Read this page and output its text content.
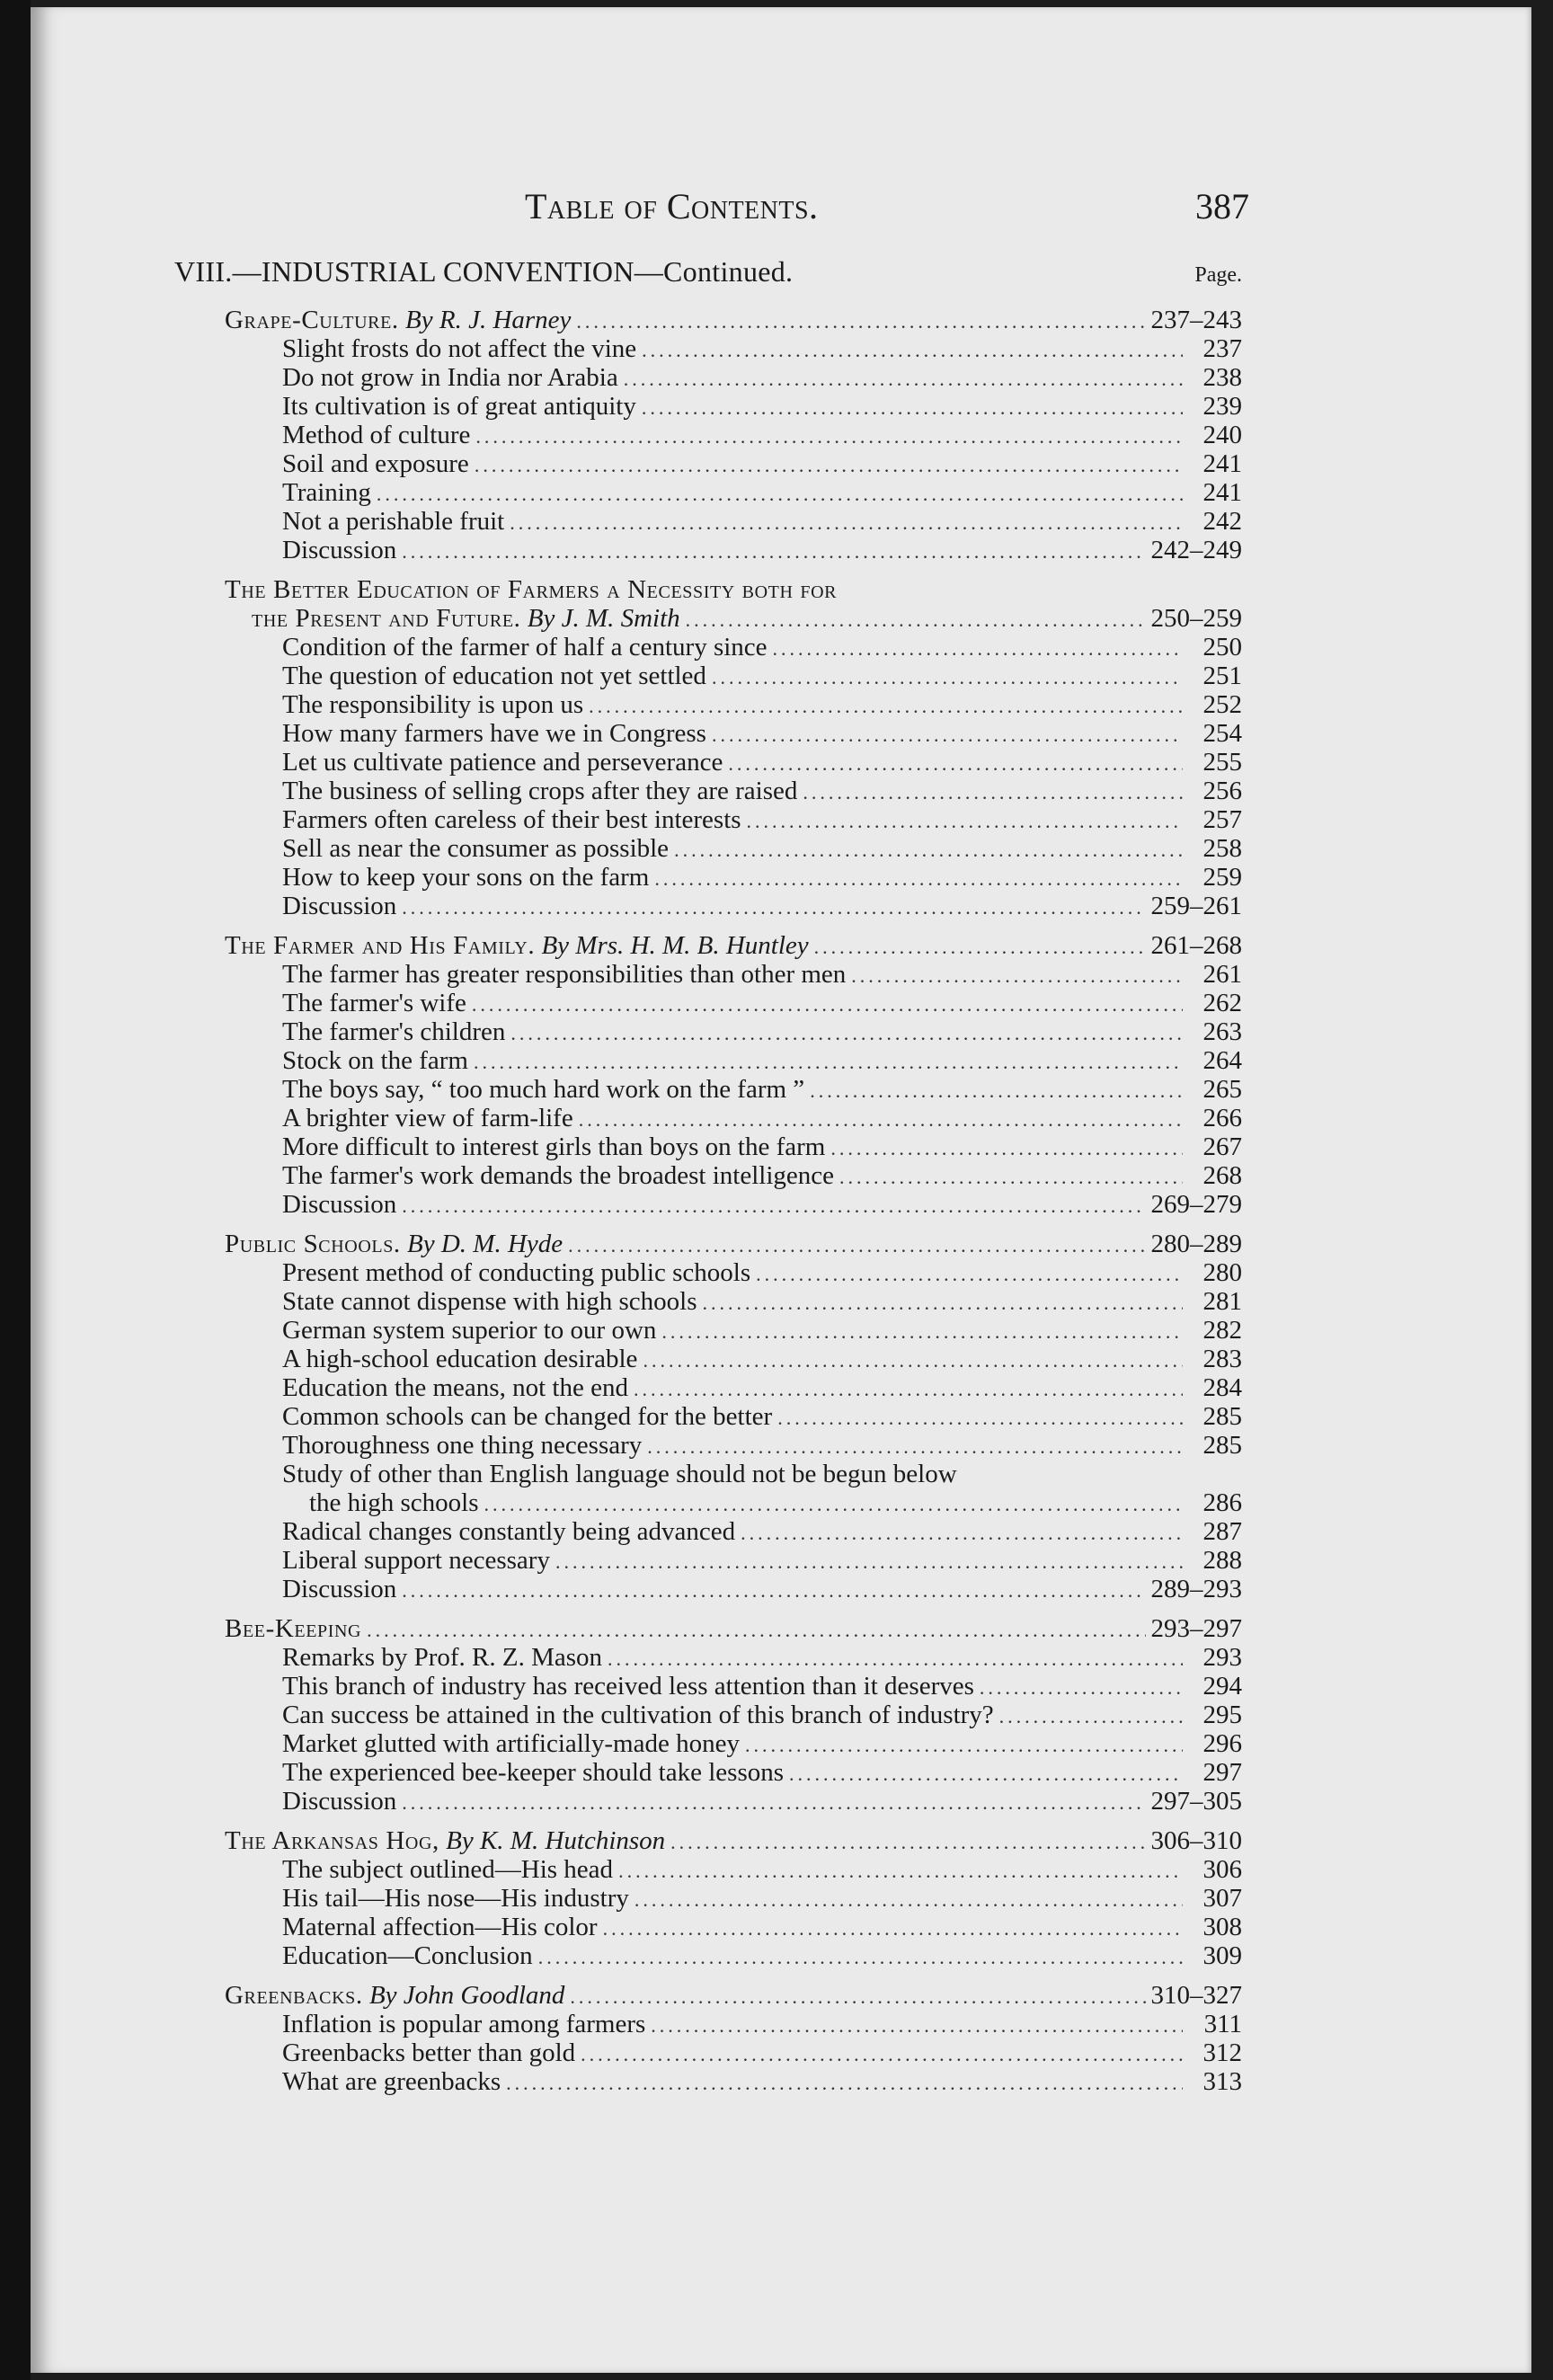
Table of Contents.	387
VIII.—INDUSTRIAL CONVENTION—Continued.	Page.
Grape-Culture. By R. J. Harney .....	237–243
Slight frosts do not affect the vine .....	237
Do not grow in India nor Arabia .....	238
Its cultivation is of great antiquity .....	239
Method of culture .....	240
Soil and exposure .....	241
Training .....	241
Not a perishable fruit .....	242
Discussion .....	242–249
The Better Education of Farmers a Necessity both for
the Present and Future. By J. M. Smith .....	250–259
Condition of the farmer of half a century since .....	250
The question of education not yet settled .....	251
The responsibility is upon us .....	252
How many farmers have we in Congress .....	254
Let us cultivate patience and perseverance .....	255
The business of selling crops after they are raised .....	256
Farmers often careless of their best interests .....	257
Sell as near the consumer as possible .....	258
How to keep your sons on the farm .....	259
Discussion .....	259–261
The Farmer and His Family. By Mrs. H. M. B. Huntley .....	261–268
The farmer has greater responsibilities than other men .....	261
The farmer's wife .....	262
The farmer's children .....	263
Stock on the farm .....	264
The boys say, “ too much hard work on the farm ” .....	265
A brighter view of farm-life .....	266
More difficult to interest girls than boys on the farm .....	267
The farmer's work demands the broadest intelligence .....	268
Discussion .....	269–279
Public Schools. By D. M. Hyde .....	280–289
Present method of conducting public schools .....	280
State cannot dispense with high schools .....	281
German system superior to our own .....	282
A high-school education desirable .....	283
Education the means, not the end .....	284
Common schools can be changed for the better .....	285
Thoroughness one thing necessary .....	285
Study of other than English language should not be begun below
the high schools .....	286
Radical changes constantly being advanced .....	287
Liberal support necessary .....	288
Discussion .....	289–293
Bee-Keeping .....	293–297
Remarks by Prof. R. Z. Mason .....	293
This branch of industry has received less attention than it deserves .....	294
Can success be attained in the cultivation of this branch of industry? .....	295
Market glutted with artificially-made honey .....	296
The experienced bee-keeper should take lessons .....	297
Discussion .....	297–305
The Arkansas Hog, By K. M. Hutchinson .....	306–310
The subject outlined—His head .....	306
His tail—His nose—His industry .....	307
Maternal affection—His color .....	308
Education—Conclusion .....	309
Greenbacks. By John Goodland .....	310–327
Inflation is popular among farmers .....	311
Greenbacks better than gold .....	312
What are greenbacks .....	313
